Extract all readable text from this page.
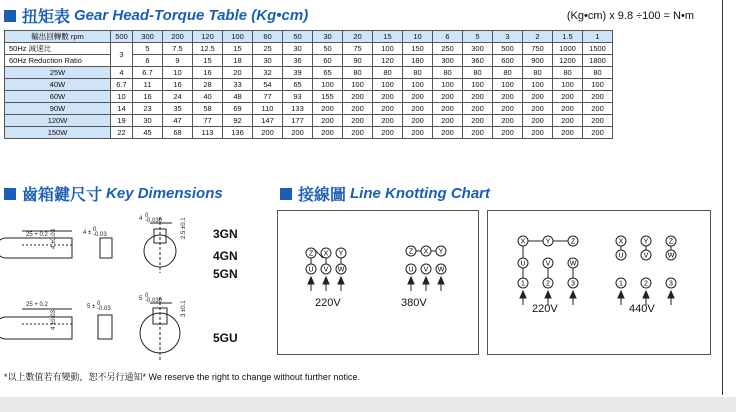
扭矩表 Gear Head-Torque Table (Kg•cm)	(Kg•cm) x 9.8 ÷100 = N•m
輸出回轉數 rpm	500	300	200	120	100	60	50	30	20	15	10	6	5	3	2	1.5	1
50Hz 減速比	3	5	7.5	12.5	15	25	30	50	75	100	150	250	300	500	750	1000	1500
60Hz Reduction Ratio		6	9	15	18	30	36	60	90	120	180	300	360	600	900	1200	1800
25W	4	6.7	10	16	20	32	39	65	80	80	80	80	80	80	80	80	80
40W	6.7	11	16	28	33	54	65	100	100	100	100	100	100	100	100	100	100
60W	10	16	24	40	48	77	93	155	200	200	200	200	200	200	200	200	200
90W	14	23	35	58	69	110	133	200	200	200	200	200	200	200	200	200	200
120W	19	30	47	77	92	147	177	200	200	200	200	200	200	200	200	200	200
150W	22	45	68	113	136	200	200	200	200	200	200	200	200	200	200	200	200
齒箱鍵尺寸 Key Dimensions
25 + 0.2
25 + 0.2
4 ± 0
-0.03
5 ± 0
-0.03
4 0
-0.030
5 0
-0.030
4 ±0.03
4 ±0.03
2.5 ±0.1
3 ±0.1
3GN
4GN
5GN
5GU
接線圖 Line Knotting Chart
Z
U
X
V
Y
W	U V W
Z X Y
220V	380V
X	Y	Z
U
1
V
2
W
3
X
U
1
Y
V
2
Z
W
3
220V	440V
*以上數值若有變動，恕不另行通知* We reserve the right to change without further notice.
